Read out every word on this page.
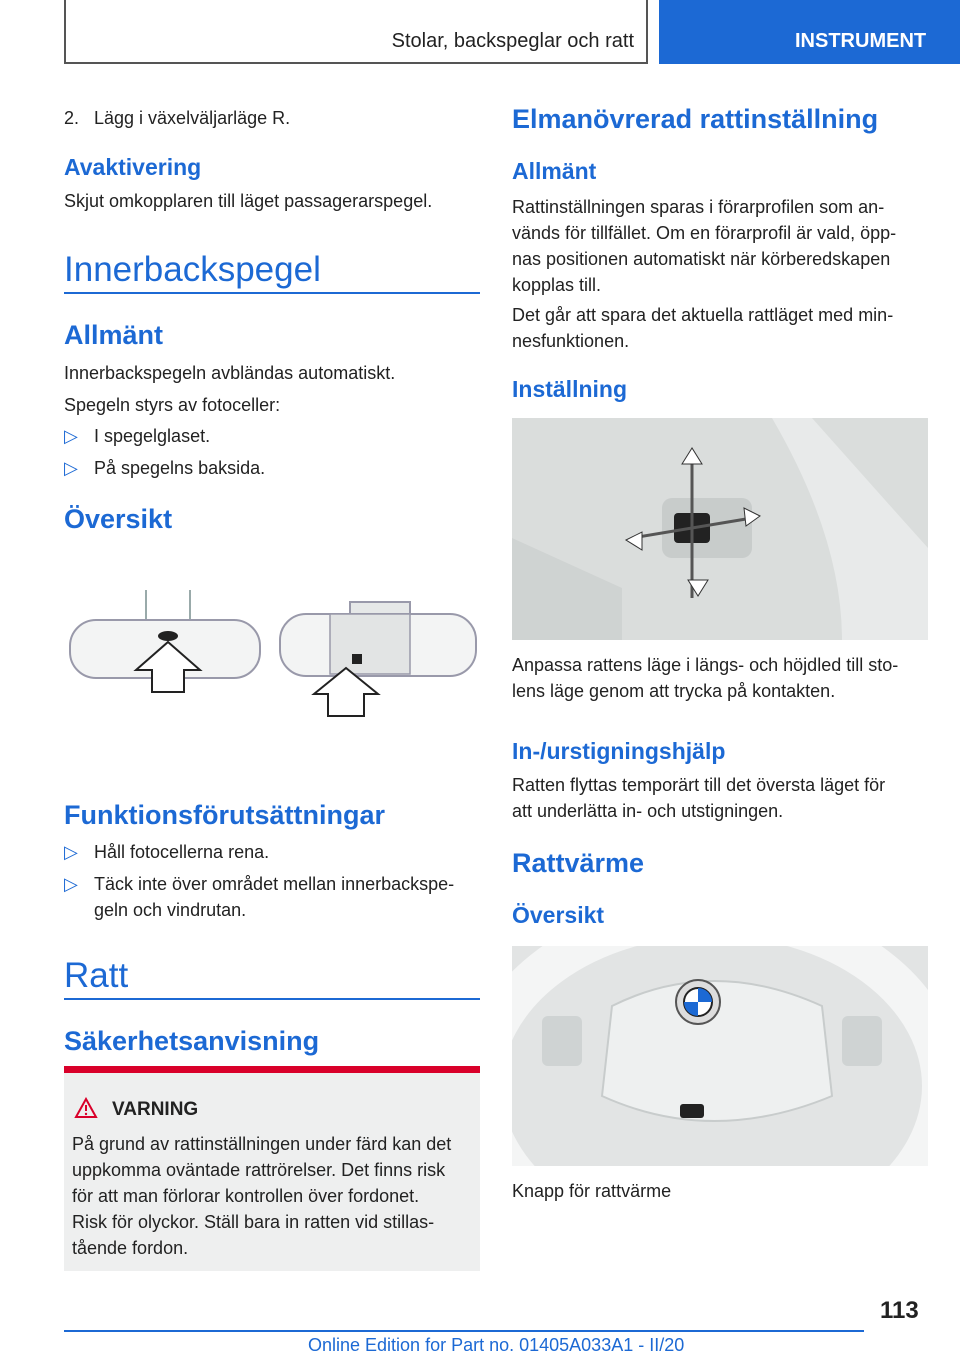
Stolar, backspeglar och ratt	INSTRUMENT
2. Lägg i växelväljarläge R.
Avaktivering
Skjut omkopplaren till läget passagerarspegel.
Innerbackspegel
Allmänt
Innerbackspegeln avbländas automatiskt.
Spegeln styrs av fotoceller:
▷ I spegelglaset.
▷ På spegelns baksida.
Översikt
Funktionsförutsättningar
▷ Håll fotocellerna rena.
▷ Täck inte över området mellan innerbackspe-
geln och vindrutan.
Ratt
Säkerhetsanvisning
VARNING
På grund av rattinställningen under färd kan det
uppkomma oväntade rattrörelser. Det finns risk
för att man förlorar kontrollen över fordonet.
Risk för olyckor. Ställ bara in ratten vid stillas-
tående fordon.
Elmanövrerad rattinställning
Allmänt
Rattinställningen sparas i förarprofilen som an-
vänds för tillfället. Om en förarprofil är vald, öpp-
nas positionen automatiskt när körberedskapen
kopplas till.
Det går att spara det aktuella rattläget med min-
nesfunktionen.
Inställning
Anpassa rattens läge i längs- och höjdled till sto-
lens läge genom att trycka på kontakten.
In-/urstigningshjälp
Ratten flyttas temporärt till det översta läget för
att underlätta in- och utstigningen.
Rattvärme
Översikt
Knapp för rattvärme
113
Online Edition for Part no. 01405A033A1 - II/20
